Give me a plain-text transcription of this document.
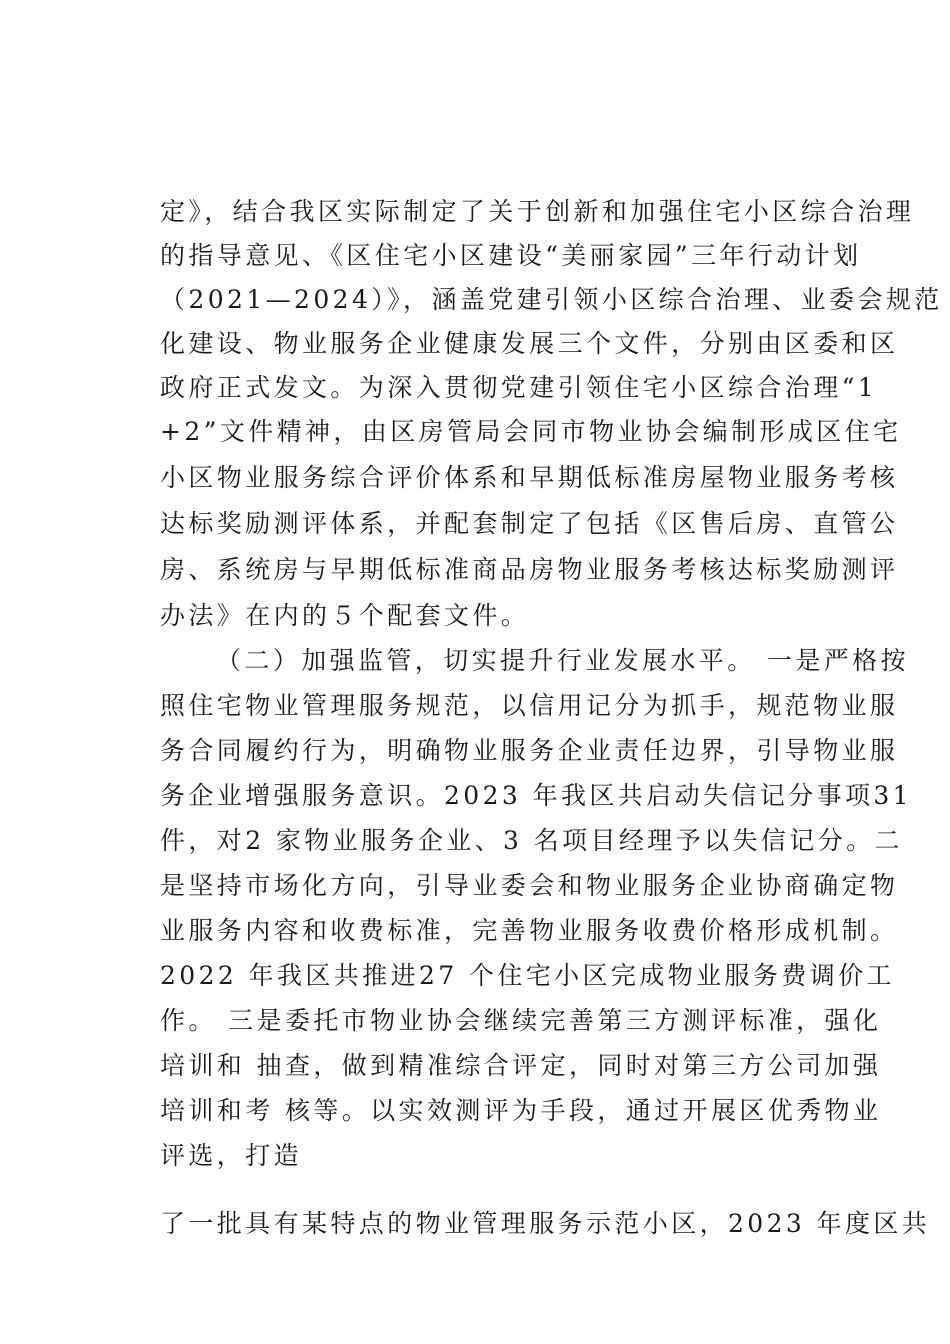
定》，结合我区实际制定了关于创新和加强住宅小区综合治理
的指导意见、《区住宅小区建设“美丽家园”三年行动计划
（2021—2024）》，涵盖党建引领小区综合治理、业委会规范
化建设、物业服务企业健康发展三个文件，分别由区委和区
政府正式发文。为深入贯彻党建引领住宅小区综合治理“1
+2”文件精神，由区房管局会同市物业协会编制形成区住宅
小区物业服务综合评价体系和早期低标准房屋物业服务考核
达标奖励测评体系，并配套制定了包括《区售后房、直管公
房、系统房与早期低标准商品房物业服务考核达标奖励测评
办法》在内的５个配套文件。
（二）加强监管，切实提升行业发展水平。 一是严格按
照住宅物业管理服务规范，以信用记分为抓手，规范物业服
务合同履约行为，明确物业服务企业责任边界，引导物业服
务企业增强服务意识。2023 年我区共启动失信记分事项31
件，对2 家物业服务企业、3 名项目经理予以失信记分。二
是坚持市场化方向，引导业委会和物业服务企业协商确定物
业服务内容和收费标准，完善物业服务收费价格形成机制。
2022 年我区共推进27 个住宅小区完成物业服务费调价工
作。 三是委托市物业协会继续完善第三方测评标准，强化
培训和 抽查，做到精准综合评定，同时对第三方公司加强
培训和考 核等。以实效测评为手段，通过开展区优秀物业
评选，打造
了一批具有某特点的物业管理服务示范小区，2023 年度区共
